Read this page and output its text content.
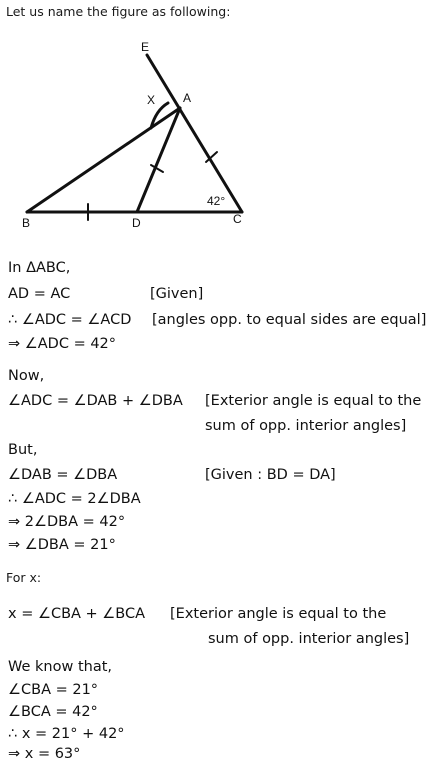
Let us name the figure as following:
E
A
X
B	D	C
42°
In ΔABC,
AD = AC	[Given]
∴ ∠ADC = ∠ACD [angles opp. to equal sides are equal]
⇒ ∠ADC = 42°
Now,
∠ADC = ∠DAB + ∠DBA [Exterior angle is equal to the
sum of opp. interior angles]
But,
∠DAB = ∠DBA	[Given : BD = DA]
∴ ∠ADC = 2∠DBA
⇒ 2∠DBA = 42°
⇒ ∠DBA = 21°
For x:
x = ∠CBA + ∠BCA [Exterior angle is equal to the
sum of opp. interior angles]
We know that,
∠CBA = 21°
∠BCA = 42°
∴ x = 21° + 42°
⇒ x = 63°
